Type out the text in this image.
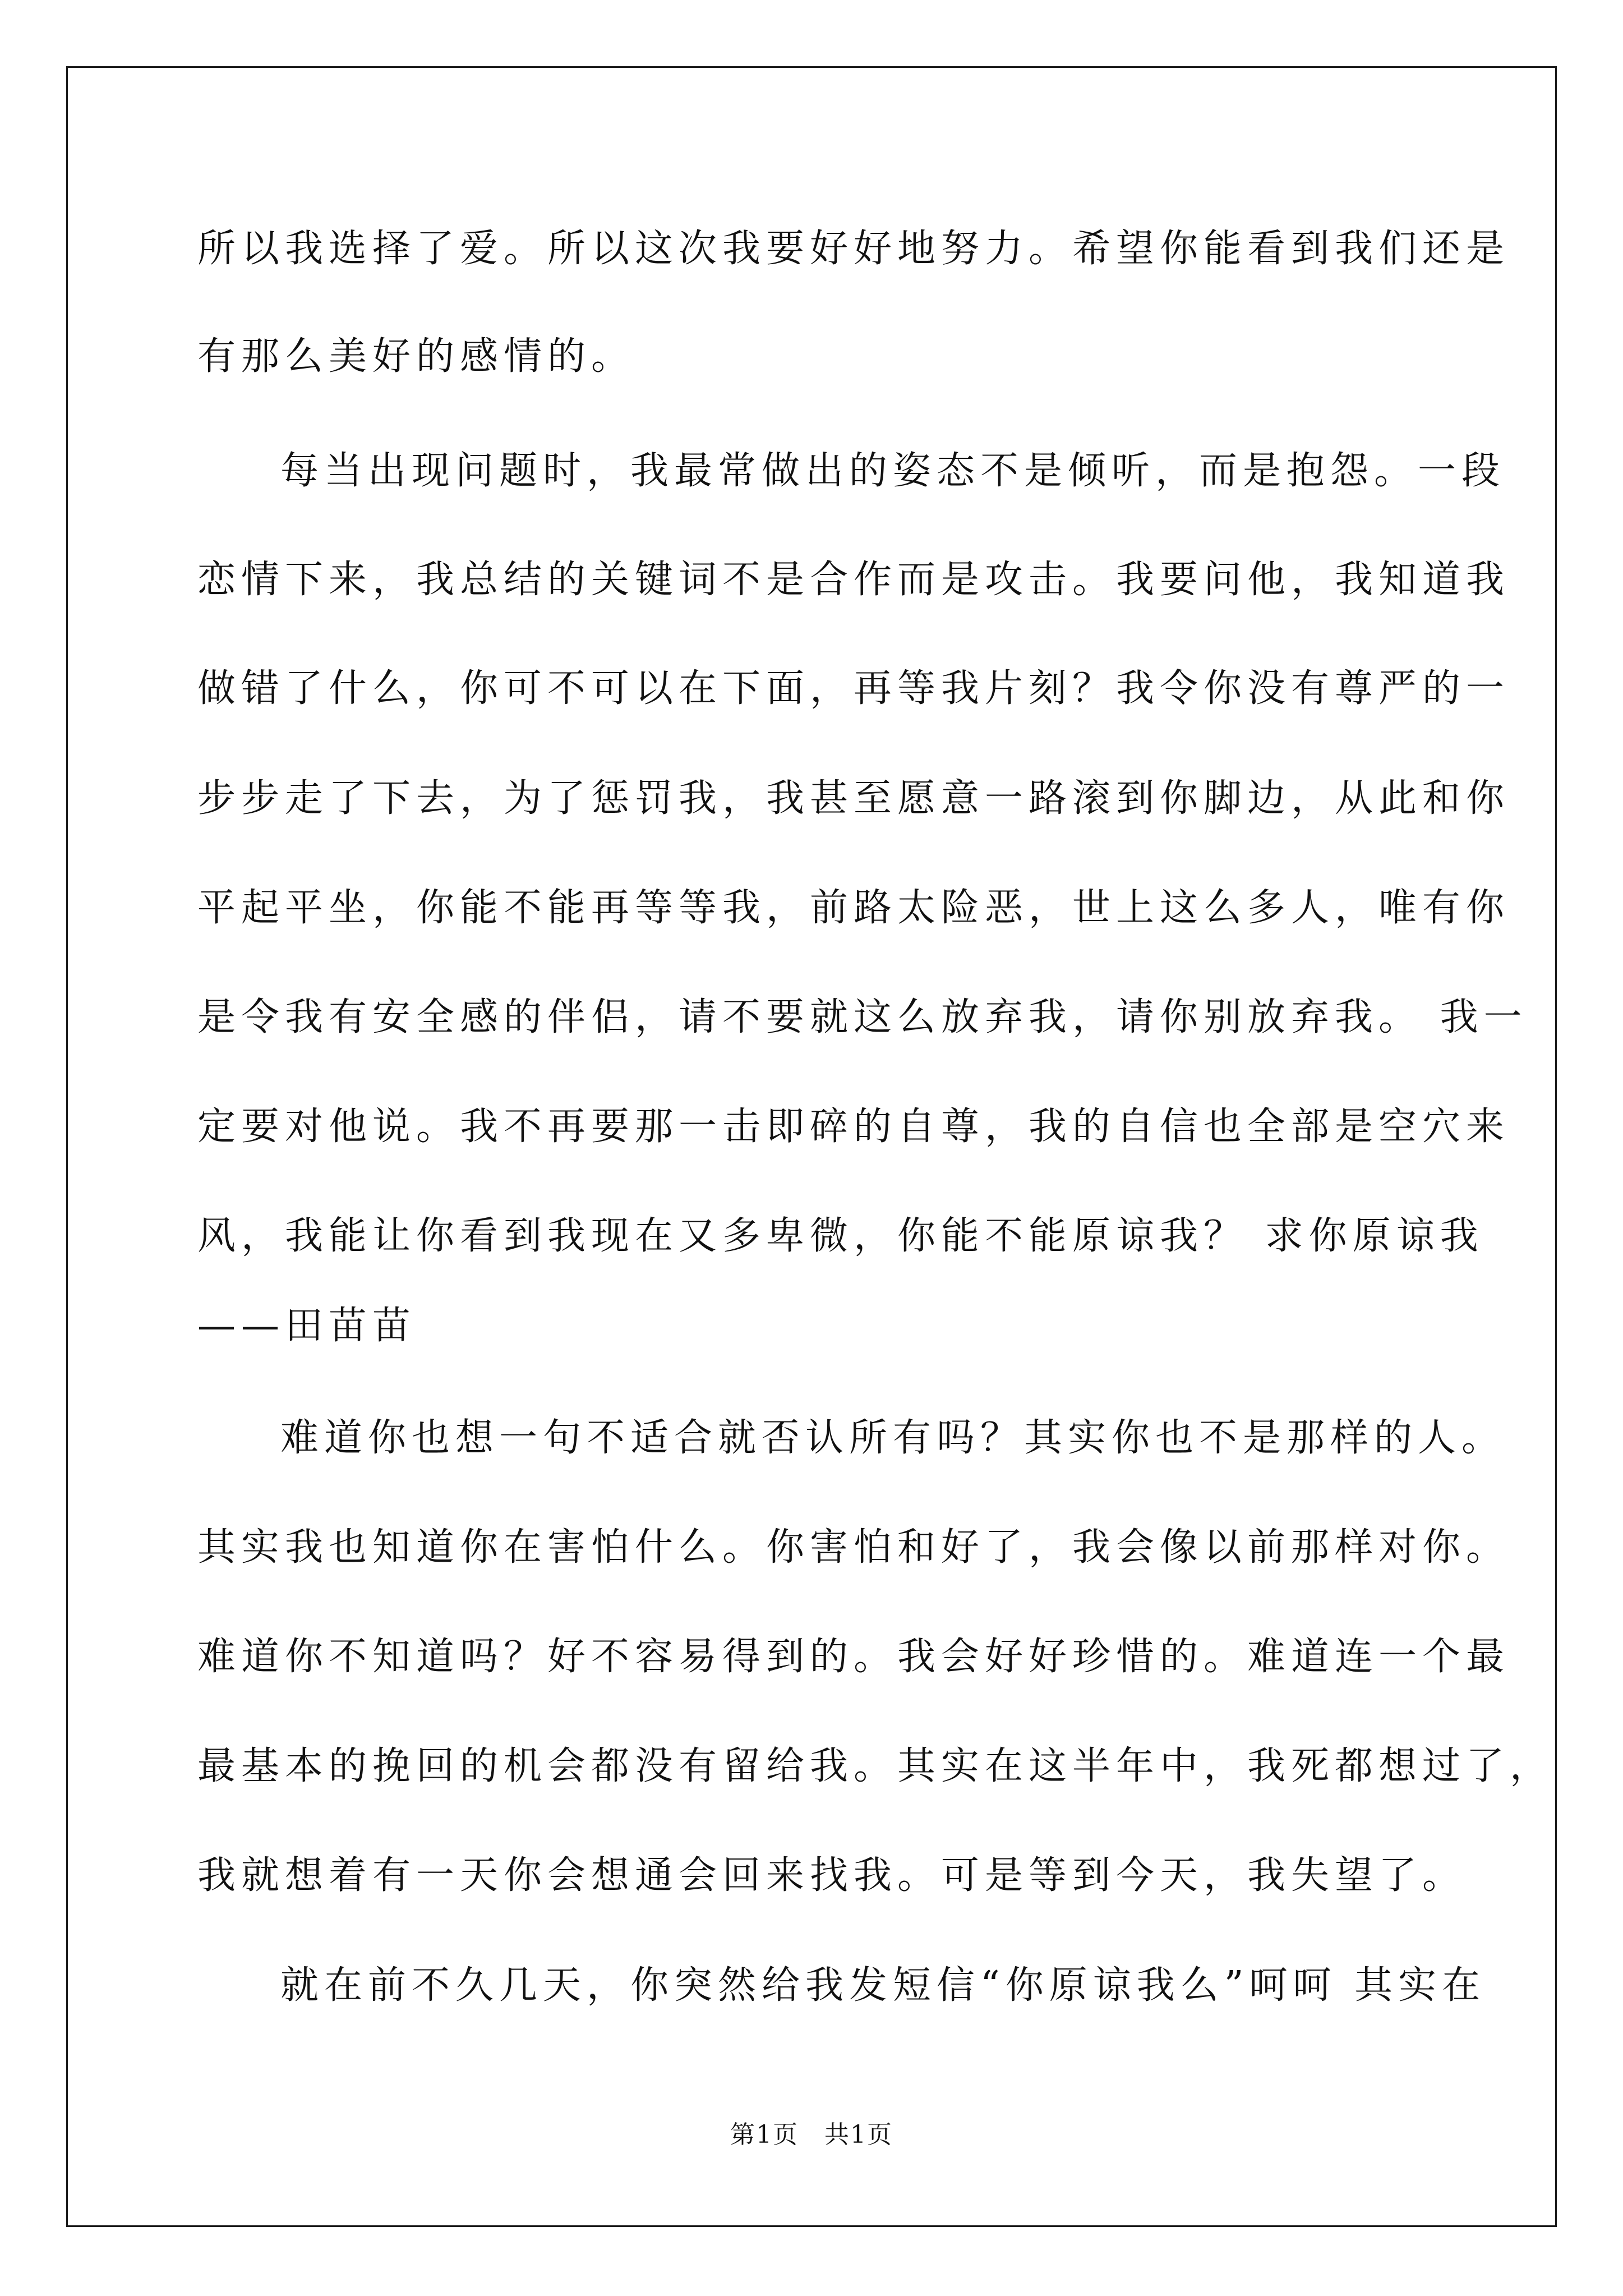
所以我选择了爱。所以这次我要好好地努力。希望你能看到我们还是
有那么美好的感情的。
每当出现问题时，我最常做出的姿态不是倾听，而是抱怨。一段
恋情下来，我总结的关键词不是合作而是攻击。我要问他，我知道我
做错了什么，你可不可以在下面，再等我片刻？我令你没有尊严的一
步步走了下去，为了惩罚我，我甚至愿意一路滚到你脚边，从此和你
平起平坐，你能不能再等等我，前路太险恶，世上这么多人，唯有你
是令我有安全感的伴侣，请不要就这么放弃我，请你别放弃我。 我一
定要对他说。我不再要那一击即碎的自尊，我的自信也全部是空穴来
风，我能让你看到我现在又多卑微，你能不能原谅我？ 求你原谅我
——田苗苗
难道你也想一句不适合就否认所有吗？其实你也不是那样的人。
其实我也知道你在害怕什么。你害怕和好了，我会像以前那样对你。
难道你不知道吗？好不容易得到的。我会好好珍惜的。难道连一个最
最基本的挽回的机会都没有留给我。其实在这半年中，我死都想过了，
我就想着有一天你会想通会回来找我。可是等到今天，我失望了。
就在前不久几天，你突然给我发短信“你原谅我么”呵呵 其实在
第1页　共1页
